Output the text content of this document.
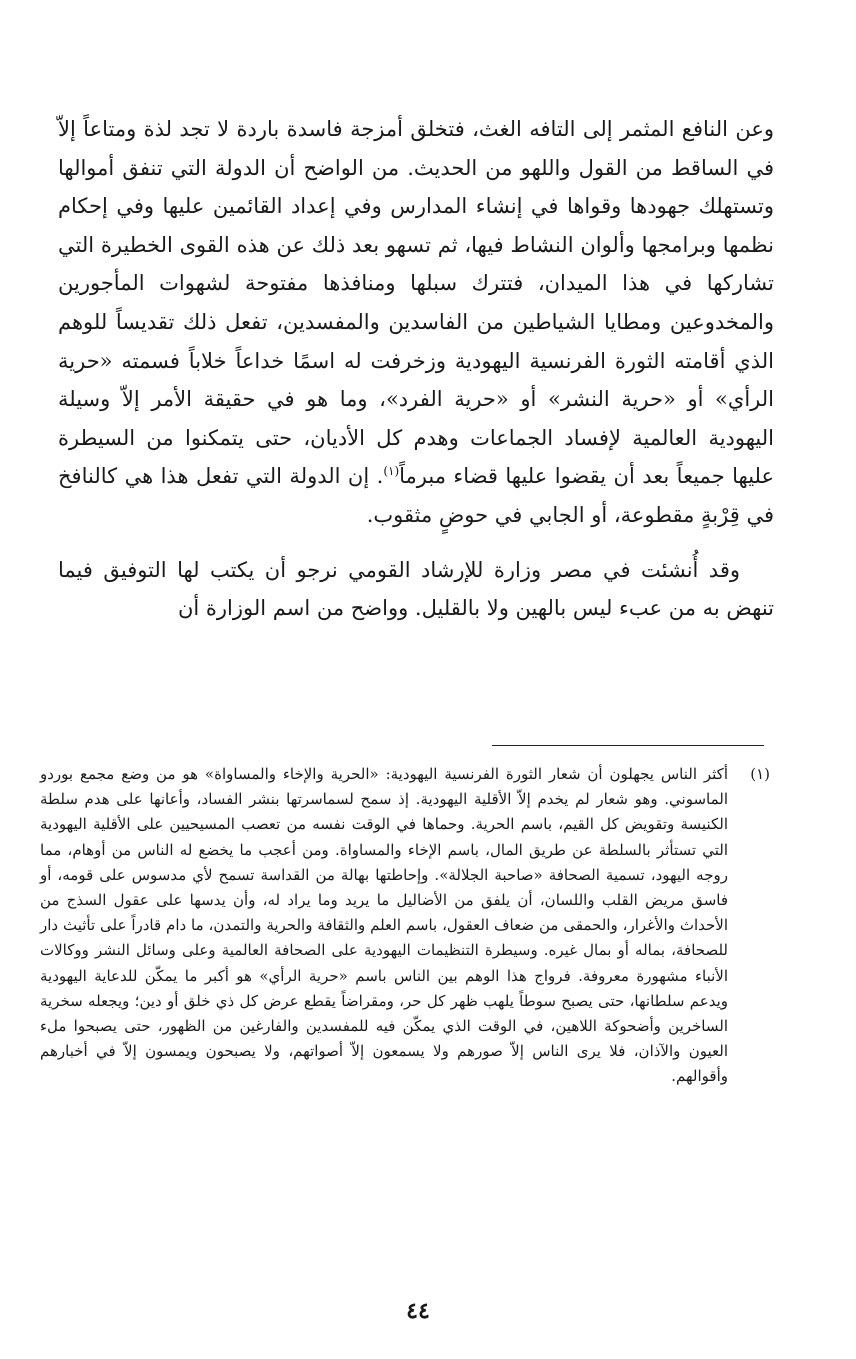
وعن النافع المثمر إلى التافه الغث، فتخلق أمزجة فاسدة باردة لا تجد لذة ومتاعاً إلاّ في الساقط من القول واللهو من الحديث. من الواضح أن الدولة التي تنفق أموالها وتستهلك جهودها وقواها في إنشاء المدارس وفي إعداد القائمين عليها وفي إحكام نظمها وبرامجها وألوان النشاط فيها، ثم تسهو بعد ذلك عن هذه القوى الخطيرة التي تشاركها في هذا الميدان، فتترك سبلها ومنافذها مفتوحة لشهوات المأجورين والمخدوعين ومطايا الشياطين من الفاسدين والمفسدين، تفعل ذلك تقديساً للوهم الذي أقامته الثورة الفرنسية اليهودية وزخرفت له اسمًا خداعاً خلاباً فسمته «حرية الرأي» أو «حرية النشر» أو «حرية الفرد»، وما هو في حقيقة الأمر إلاّ وسيلة اليهودية العالمية لإفساد الجماعات وهدم كل الأديان، حتى يتمكنوا من السيطرة عليها جميعاً بعد أن يقضوا عليها قضاء مبرماً$^{(١)}$. إن الدولة التي تفعل هذا هي كالنافخ في قِرْبةٍ مقطوعة، أو الجابي في حوضٍ مثقوب.

وقد أُنشئت في مصر وزارة للإرشاد القومي نرجو أن يكتب لها التوفيق فيما تنهض به من عبء ليس بالهين ولا بالقليل. وواضح من اسم الوزارة أن

(١)
أكثر الناس يجهلون أن شعار الثورة الفرنسية اليهودية: «الحرية والإخاء والمساواة» هو من وضع مجمع بوردو الماسوني. وهو شعار لم يخدم إلاّ الأقلية اليهودية. إذ سمح لسماسرتها بنشر الفساد، وأعانها على هدم سلطة الكنيسة وتقويض كل القيم، باسم الحرية. وحماها في الوقت نفسه من تعصب المسيحيين على الأقلية اليهودية التي تستأثر بالسلطة عن طريق المال، باسم الإخاء والمساواة. ومن أعجب ما يخضع له الناس من أوهام، مما روجه اليهود، تسمية الصحافة «صاحبة الجلالة». وإحاطتها بهالة من القداسة تسمح لأي مدسوس على قومه، أو فاسق مريض القلب واللسان، أن يلفق من الأضاليل ما يريد وما يراد له، وأن يدسها على عقول السذج من الأحداث والأغرار، والحمقى من ضعاف العقول، باسم العلم والثقافة والحرية والتمدن، ما دام قادراً على تأثيث دار للصحافة، بماله أو بمال غيره. وسيطرة التنظيمات اليهودية على الصحافة العالمية وعلى وسائل النشر ووكالات الأنباء مشهورة معروفة. فرواج هذا الوهم بين الناس باسم «حرية الرأي» هو أكبر ما يمكّن للدعاية اليهودية ويدعم سلطانها، حتى يصبح سوطاً يلهب ظهر كل حر، ومقراضاً يقطع عرض كل ذي خلق أو دين؛ ويجعله سخرية الساخرين وأضحوكة اللاهين، في الوقت الذي يمكّن فيه للمفسدين والفارغين من الظهور، حتى يصبحوا ملء العيون والآذان، فلا يرى الناس إلاّ صورهم ولا يسمعون إلاّ أصواتهم، ولا يصبحون ويمسون إلاّ في أخبارهم وأقوالهم.
٤٤
